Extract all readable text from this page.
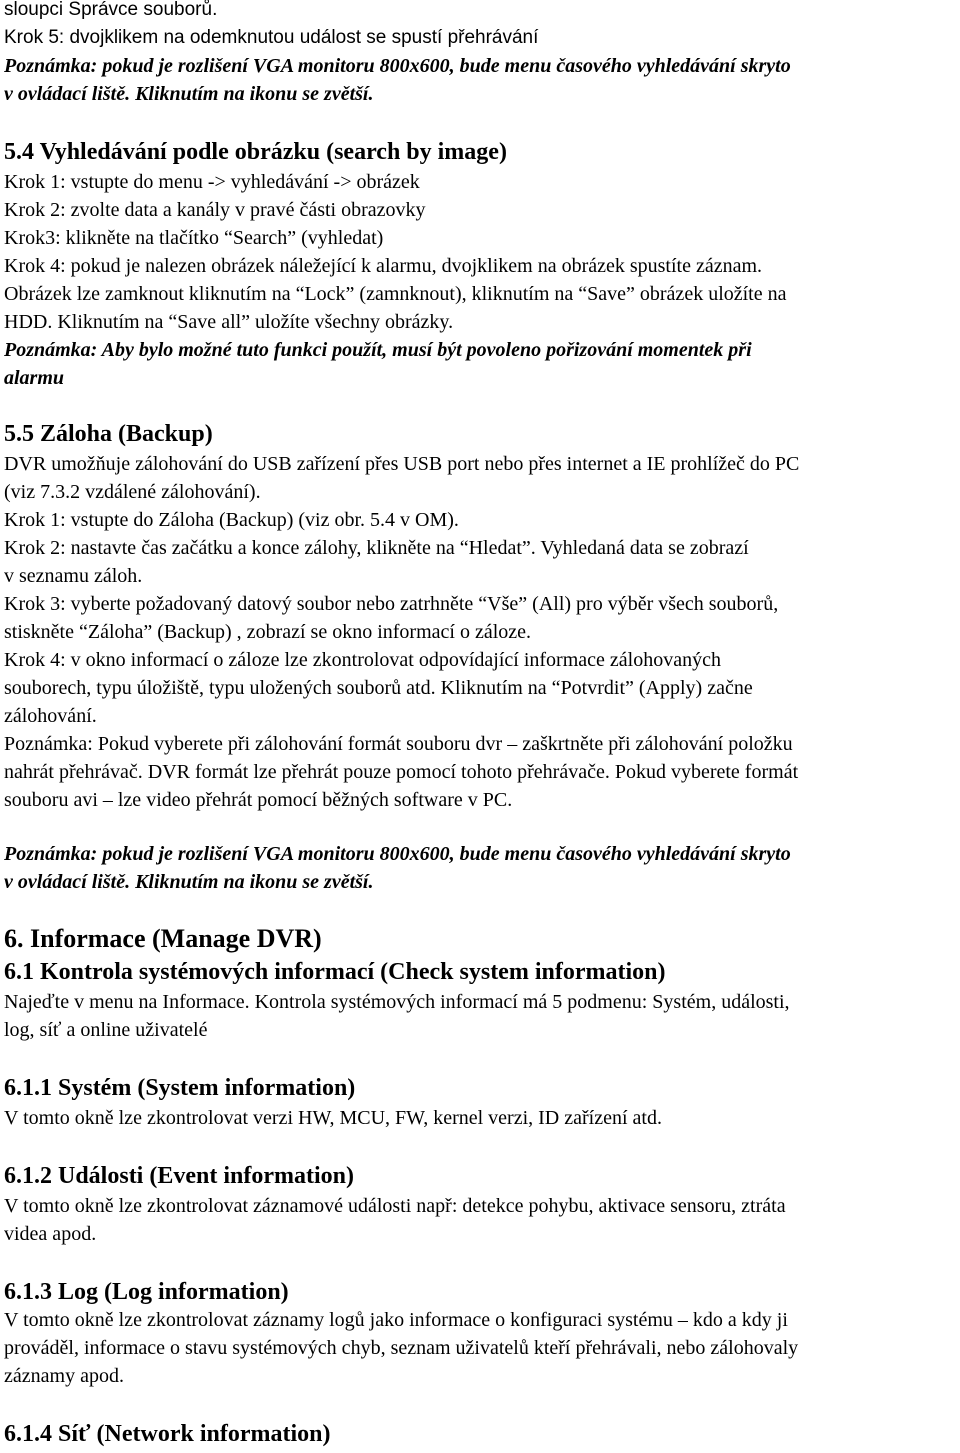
sloupci Správce souborů.
Krok 5: dvojklikem na odemknutou událost se spustí přehrávání
Poznámka: pokud je rozlišení VGA monitoru 800x600, bude menu časového vyhledávání skryto
v ovládací liště. Kliknutím na ikonu se zvětší.
5.4 Vyhledávání podle obrázku (search by image)
Krok 1: vstupte do menu -> vyhledávání -> obrázek
Krok 2: zvolte data a kanály v pravé části obrazovky
Krok3: klikněte na tlačítko “Search” (vyhledat)
Krok 4: pokud je nalezen obrázek náležející k alarmu, dvojklikem na obrázek spustíte záznam.
Obrázek lze zamknout kliknutím na “Lock” (zamnknout), kliknutím na “Save” obrázek uložíte na
HDD. Kliknutím na “Save all” uložíte všechny obrázky.
Poznámka: Aby bylo možné tuto funkci použít, musí být povoleno pořizování momentek při
alarmu
5.5 Záloha (Backup)
DVR umožňuje zálohování do USB zařízení přes USB port nebo přes internet a IE prohlížeč do PC
(viz 7.3.2 vzdálené zálohování).
Krok 1: vstupte do Záloha (Backup) (viz obr. 5.4 v OM).
Krok 2: nastavte čas začátku a konce zálohy, klikněte na “Hledat”. Vyhledaná data se zobrazí
v seznamu záloh.
Krok 3: vyberte požadovaný datový soubor nebo zatrhněte “Vše” (All) pro výběr všech souborů,
stiskněte “Záloha” (Backup) , zobrazí se okno informací o záloze.
Krok 4: v okno informací o záloze lze zkontrolovat odpovídající informace zálohovaných
souborech, typu úložiště, typu uložených souborů atd. Kliknutím na “Potvrdit” (Apply) začne
zálohování.
Poznámka: Pokud vyberete při zálohování formát souboru dvr – zaškrtněte při zálohování položku
nahrát přehrávač. DVR formát lze přehrát pouze pomocí tohoto přehrávače. Pokud vyberete formát
souboru avi – lze video přehrát pomocí běžných software v PC.
Poznámka: pokud je rozlišení VGA monitoru 800x600, bude menu časového vyhledávání skryto
v ovládací liště. Kliknutím na ikonu se zvětší.
6. Informace (Manage DVR)
6.1 Kontrola systémových informací (Check system information)
Najeďte v menu na Informace. Kontrola systémových informací má 5 podmenu: Systém, události,
log, síť a online uživatelé
6.1.1 Systém (System information)
V tomto okně lze zkontrolovat verzi HW, MCU, FW, kernel verzi, ID zařízení atd.
6.1.2 Události (Event information)
V tomto okně lze zkontrolovat záznamové události např: detekce pohybu, aktivace sensoru, ztráta
videa apod.
6.1.3 Log (Log information)
V tomto okně lze zkontrolovat záznamy logů jako informace o konfiguraci systému – kdo a kdy ji
prováděl, informace o stavu systémových chyb, seznam uživatelů kteří přehrávali, nebo zálohovaly
záznamy apod.
6.1.4 Síť (Network information)
